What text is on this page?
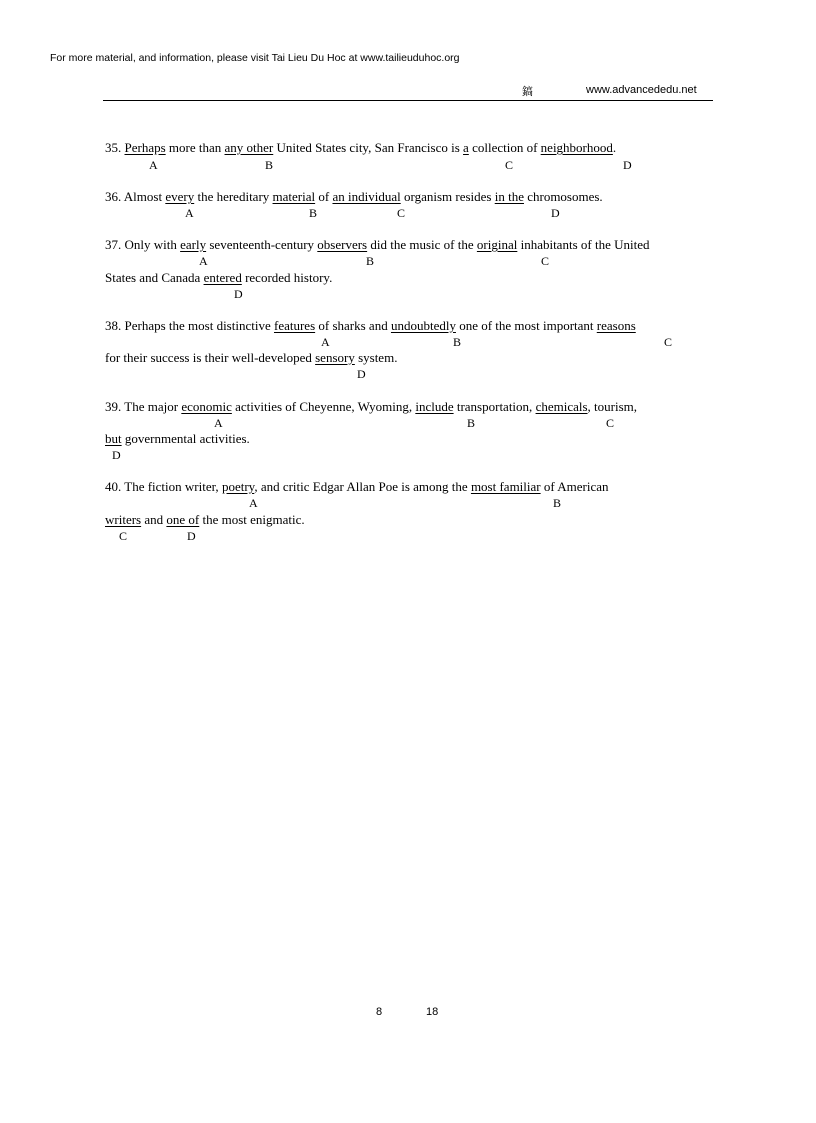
For more material, and information, please visit Tai Lieu Du Hoc at www.tailieuduhoc.org
鎬	www.advancededu.net
35. Perhaps more than any other United States city, San Francisco is a collection of neighborhood.
A	B	C	D
36. Almost every the hereditary material of an individual organism resides in the chromosomes.
A	B	C	D
37. Only with early seventeenth-century observers did the music of the original inhabitants of the United
A	B	C
States and Canada entered recorded history.
D
38. Perhaps the most distinctive features of sharks and undoubtedly one of the most important reasons
A	B	C
for their success is their well-developed sensory system.
D
39. The major economic activities of Cheyenne, Wyoming, include transportation, chemicals, tourism,
A	B	C
but governmental activities.
D
40. The fiction writer, poetry, and critic Edgar Allan Poe is among the most familiar of American
A	B
writers and one of the most enigmatic.
C	D
8	18
